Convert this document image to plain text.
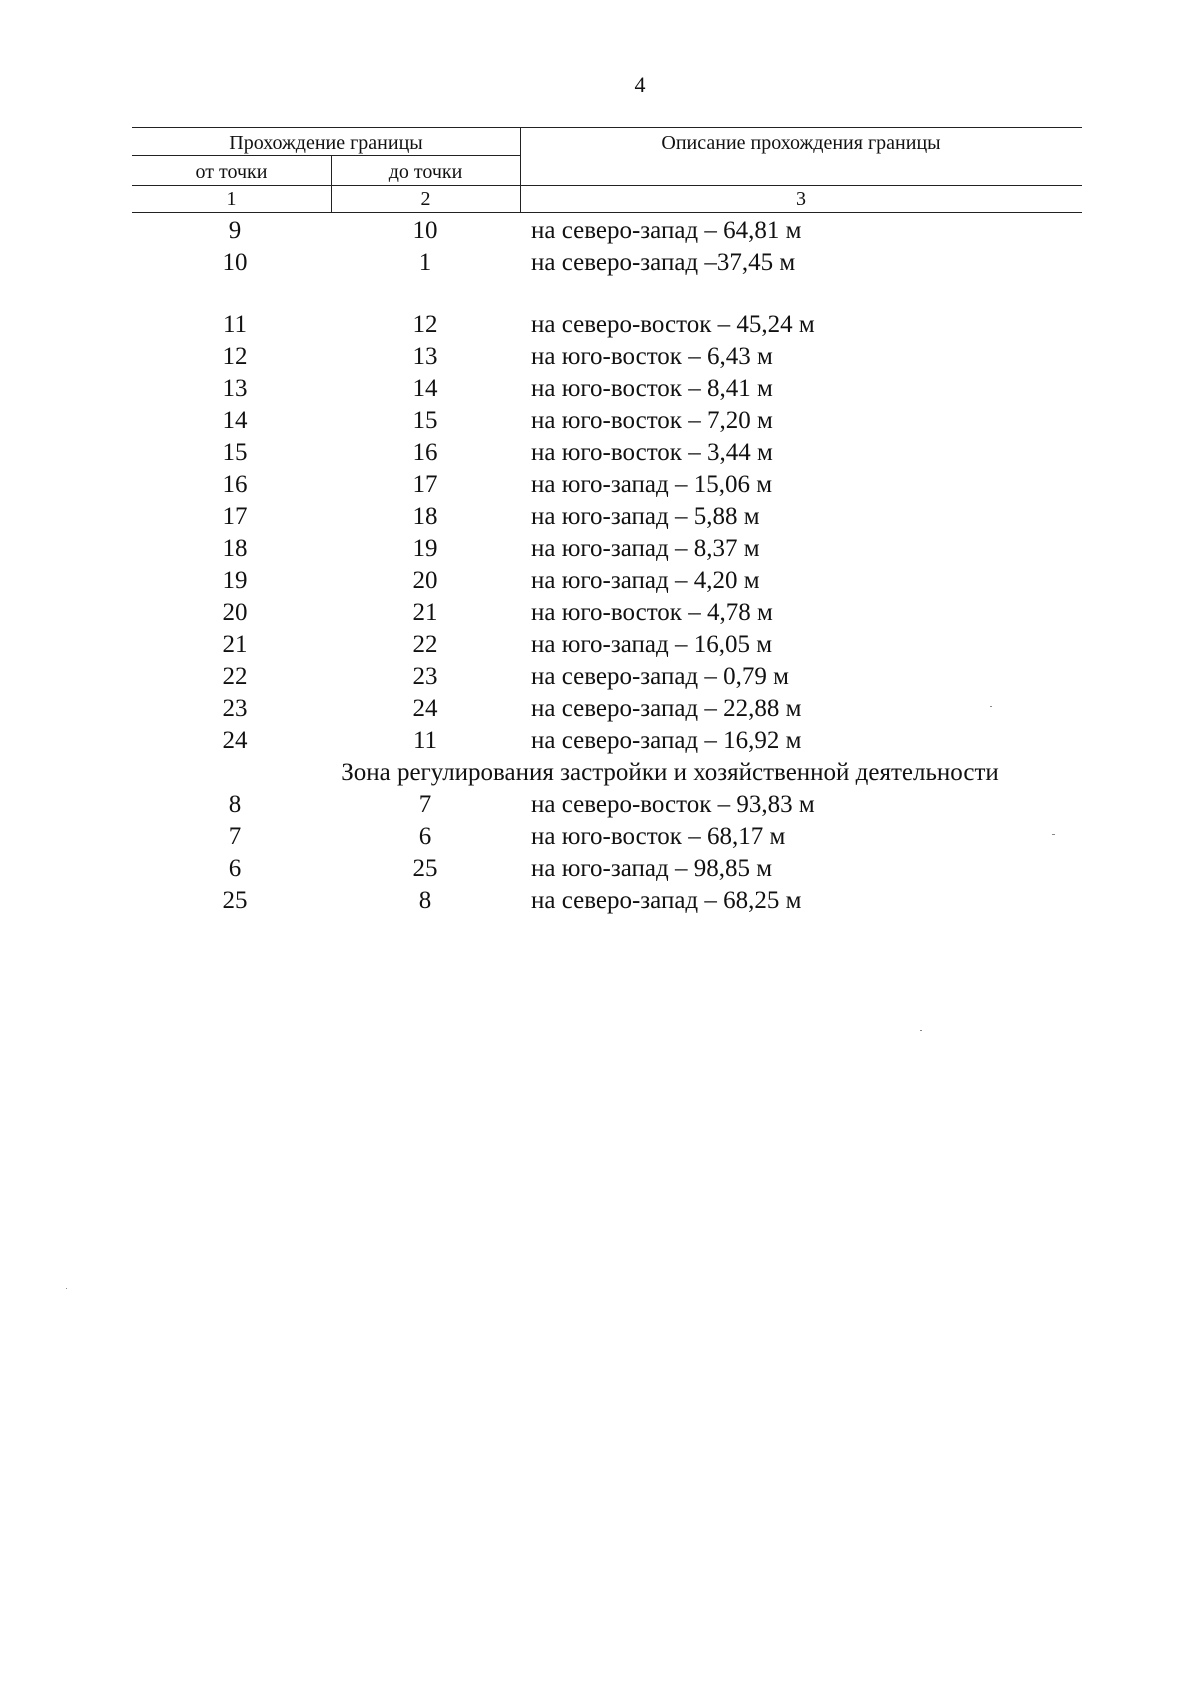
4
Прохождение границы	Описание прохождения границы
от точки	до точки
1	2	3
9	10	на северо-запад – 64,81 м
10	1	на северо-запад –37,45 м
11	12	на северо-восток – 45,24 м
12	13	на юго-восток – 6,43 м
13	14	на юго-восток – 8,41 м
14	15	на юго-восток – 7,20 м
15	16	на юго-восток – 3,44 м
16	17	на юго-запад – 15,06 м
17	18	на юго-запад – 5,88 м
18	19	на юго-запад – 8,37 м
19	20	на юго-запад – 4,20 м
20	21	на юго-восток – 4,78 м
21	22	на юго-запад – 16,05 м
22	23	на северо-запад – 0,79 м
23	24	на северо-запад – 22,88 м
24	11	на северо-запад – 16,92 м
Зона регулирования застройки и хозяйственной деятельности
8	7	на северо-восток – 93,83 м
7	6	на юго-восток – 68,17 м
6	25	на юго-запад – 98,85 м
25	8	на северо-запад – 68,25 м
